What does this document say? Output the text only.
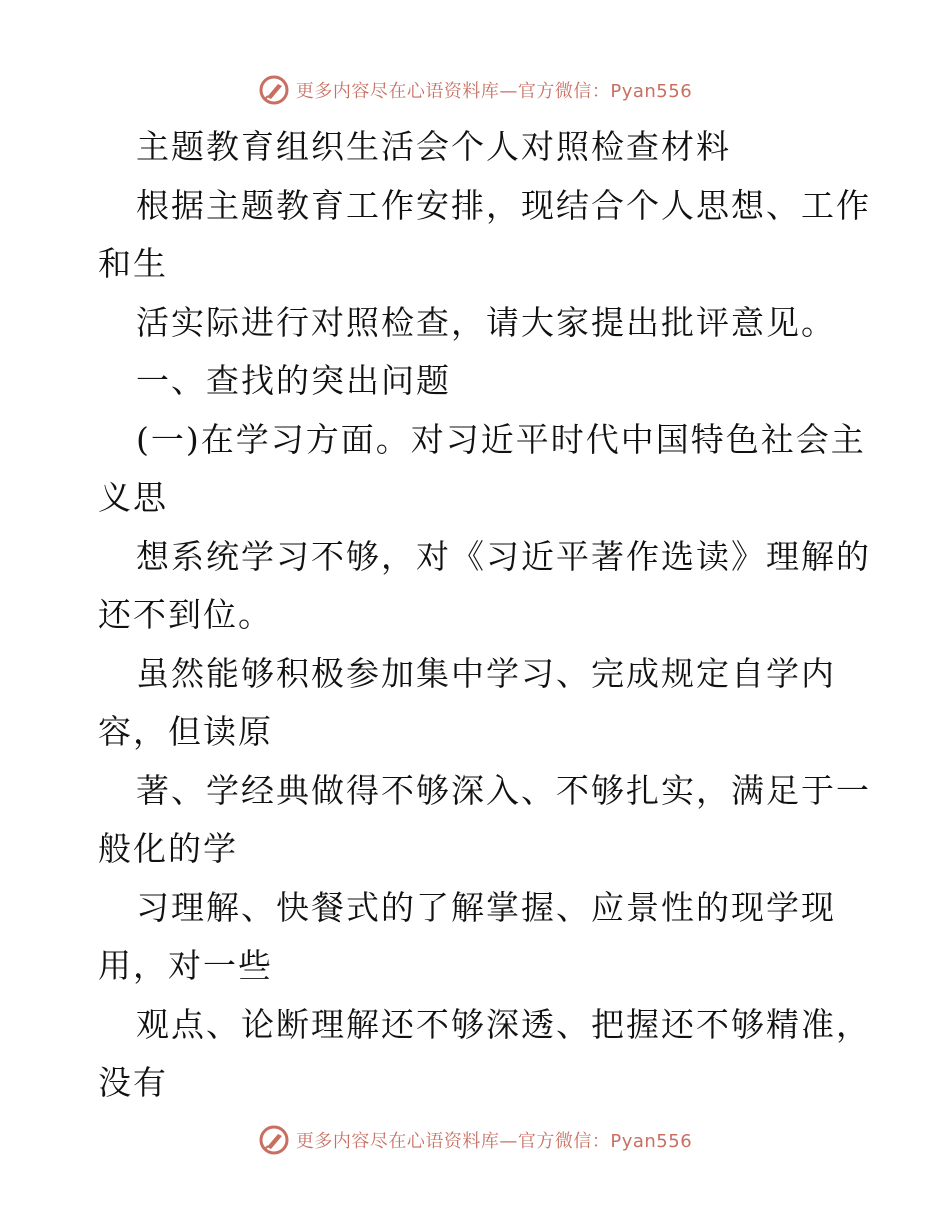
更多内容尽在心语资料库—官方微信：Pyan556
主题教育组织生活会个人对照检查材料
根据主题教育工作安排，现结合个人思想、工作
和生
活实际进行对照检查，请大家提出批评意见。
一、查找的突出问题
(一)在学习方面。对习近平时代中国特色社会主
义思
想系统学习不够，对《习近平著作选读》理解的
还不到位。
虽然能够积极参加集中学习、完成规定自学内
容，但读原
著、学经典做得不够深入、不够扎实，满足于一
般化的学
习理解、快餐式的了解掌握、应景性的现学现
用，对一些
观点、论断理解还不够深透、把握还不够精准，
没有
更多内容尽在心语资料库—官方微信：Pyan556
